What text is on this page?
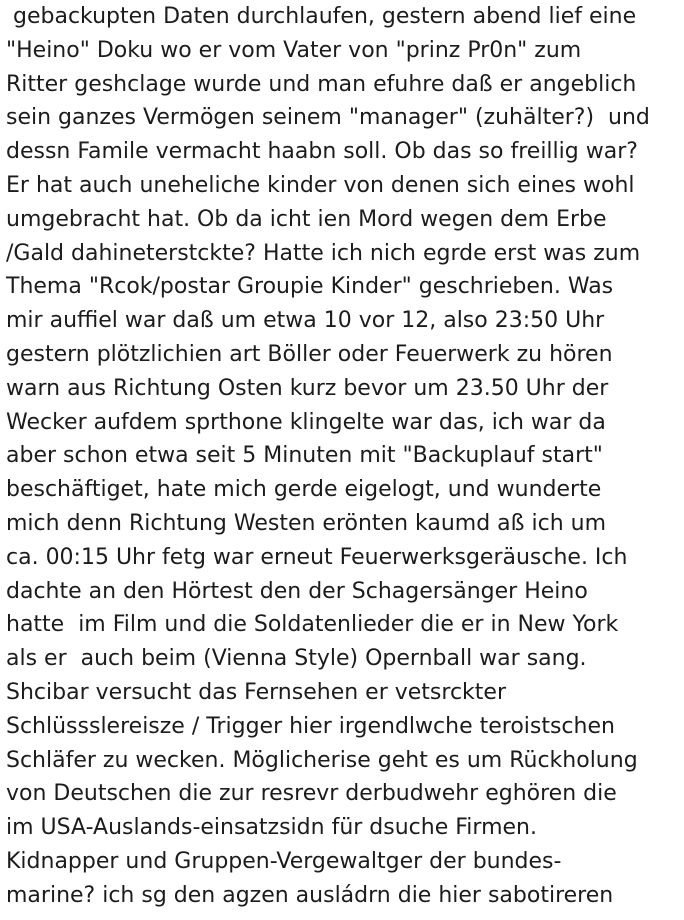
gebackupten Daten durchlaufen, gestern abend lief eine

"Heino" Doku wo er vom Vater von "prinz Pr0n" zum

Ritter geshclage wurde und man efuhre daß er angeblich

sein ganzes Vermögen seinem "manager" (zuhälter?)  und

dessn Famile vermacht haabn soll. Ob das so freillig war?

Er hat auch uneheliche kinder von denen sich eines wohl

umgebracht hat. Ob da icht ien Mord wegen dem Erbe

/Gald dahineterstckte? Hatte ich nich egrde erst was zum

Thema "Rcok/postar Groupie Kinder" geschrieben. Was

mir auffiel war daß um etwa 10 vor 12, also 23:50 Uhr

gestern plötzlichien art Böller oder Feuerwerk zu hören

warn aus Richtung Osten kurz bevor um 23.50 Uhr der

Wecker aufdem sprthone klingelte war das, ich war da

aber schon etwa seit 5 Minuten mit "Backuplauf start"

beschäftiget, hate mich gerde eigelogt, und wunderte

mich denn Richtung Westen erönten kaumd aß ich um

ca. 00:15 Uhr fetg war erneut Feuerwerksgeräusche. Ich

dachte an den Hörtest den der Schagersänger Heino

hatte  im Film und die Soldatenlieder die er in New York

als er  auch beim (Vienna Style) Opernball war sang.

Shcibar versucht das Fernsehen er vetsrckter

Schlüssslereisze / Trigger hier irgendlwche teroistschen

Schläfer zu wecken. Möglicherise geht es um Rückholung

von Deutschen die zur resrevr derbudwehr eghören die

im USA-Auslands-einsatzsidn für dsuche Firmen.

Kidnapper und Gruppen-Vergewaltger der bundes-

marine? ich sg den agzen ausládrn die hier sabotireren
